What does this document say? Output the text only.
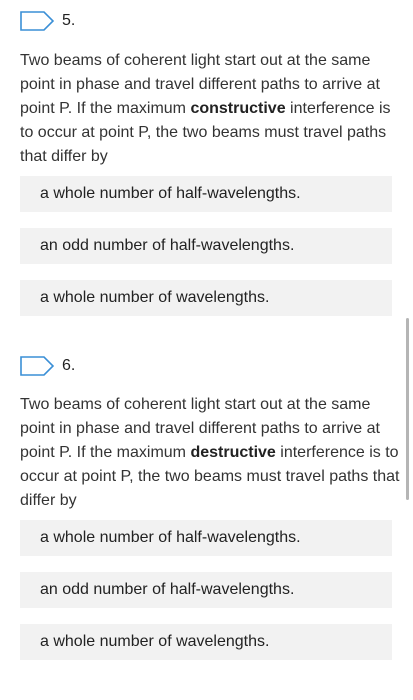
5.

Two beams of coherent light start out at the same point in phase and travel different paths to arrive at point P. If the maximum constructive interference is to occur at point P, the two beams must travel paths that differ by

a whole number of half-wavelengths.
an odd number of half-wavelengths.
a whole number of wavelengths.
6.

Two beams of coherent light start out at the same point in phase and travel different paths to arrive at point P. If the maximum destructive interference is to occur at point P, the two beams must travel paths that differ by

a whole number of half-wavelengths.
an odd number of half-wavelengths.
a whole number of wavelengths.
